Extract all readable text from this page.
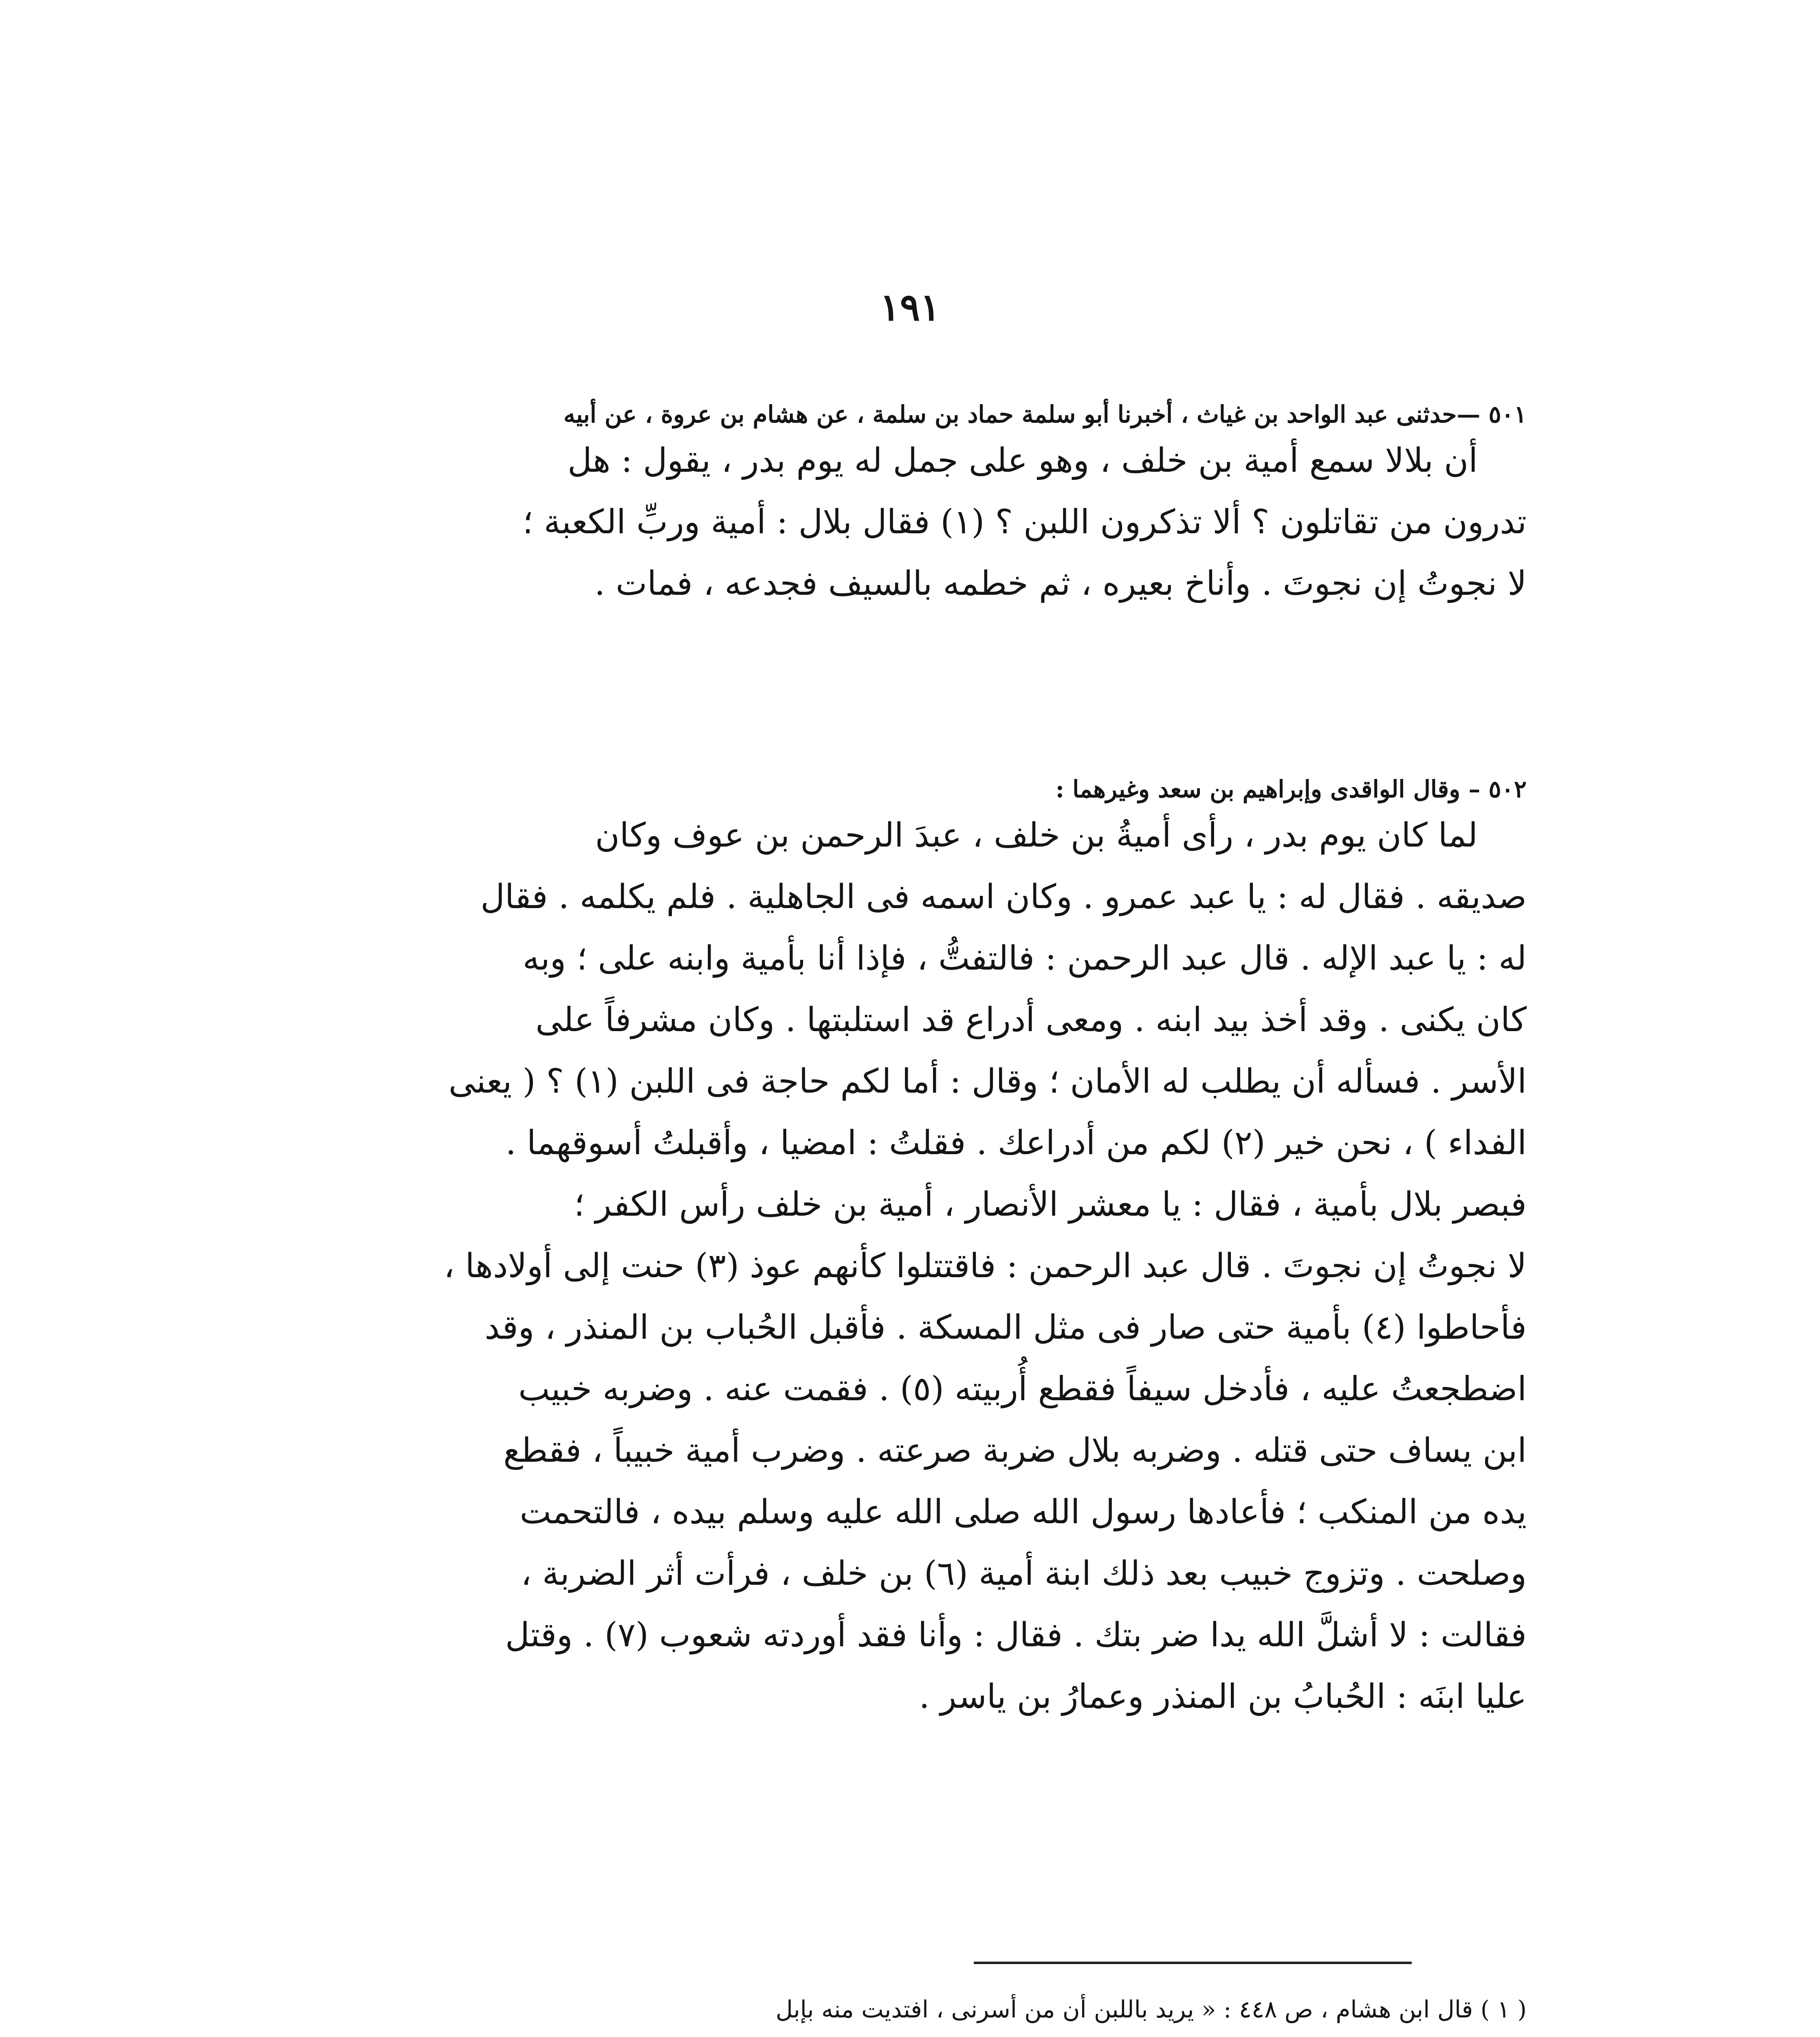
١٩١
٥٠١ —حدثنى عبد الواحد بن غياث ، أخبرنا أبو سلمة حماد بن سلمة ، عن هشام بن عروة ، عن أبيه
أن بلالا سمع أمية بن خلف ، وهو على جمل له يوم بدر ، يقول : هل
تدرون من تقاتلون ؟ ألا تذكرون اللبن ؟ (١) فقال بلال : أمية وربِّ الكعبة ؛
لا نجوتُ إن نجوتَ . وأناخ بعيره ، ثم خطمه بالسيف فجدعه ، فمات .
٥٠٢ – وقال الواقدى وإبراهيم بن سعد وغيرهما :
لما كان يوم بدر ، رأى أميةُ بن خلف ، عبدَ الرحمن بن عوف وكان
صديقه . فقال له : يا عبد عمرو . وكان اسمه فى الجاهلية . فلم يكلمه . فقال
له : يا عبد الإله . قال عبد الرحمن : فالتفتُّ ، فإذا أنا بأمية وابنه على ؛ وبه
كان يكنى . وقد أخذ بيد ابنه . ومعى أدراع قد استلبتها . وكان مشرفاً على
الأسر . فسأله أن يطلب له الأمان ؛ وقال : أما لكم حاجة فى اللبن (١) ؟ ( يعنى
الفداء ) ، نحن خير (٢) لكم من أدراعك . فقلتُ : امضيا ، وأقبلتُ أسوقهما .
فبصر بلال بأمية ، فقال : يا معشر الأنصار ، أمية بن خلف رأس الكفر ؛
لا نجوتُ إن نجوتَ . قال عبد الرحمن : فاقتتلوا كأنهم عوذ (٣) حنت إلى أولادها ،
فأحاطوا (٤) بأمية حتى صار فى مثل المسكة . فأقبل الحُباب بن المنذر ، وقد
اضطجعتُ عليه ، فأدخل سيفاً فقطع أُربيته (٥) . فقمت عنه . وضربه خبيب
ابن يساف حتى قتله . وضربه بلال ضربة صرعته . وضرب أمية خبيباً ، فقطع
يده من المنكب ؛ فأعادها رسول الله صلى الله عليه وسلم بيده ، فالتحمت
وصلحت . وتزوج خبيب بعد ذلك ابنة أمية (٦) بن خلف ، فرأت أثر الضربة ،
فقالت : لا أشلَّ الله يدا ضر بتك . فقال : وأنا فقد أوردته شعوب (٧) . وقتل
عليا ابنَه : الحُبابُ بن المنذر وعمارُ بن ياسر .
( ١ ) قال ابن هشام ، ص ٤٤٨ : « يريد باللبن أن من أسرنى ، افتديت منه بإبل
